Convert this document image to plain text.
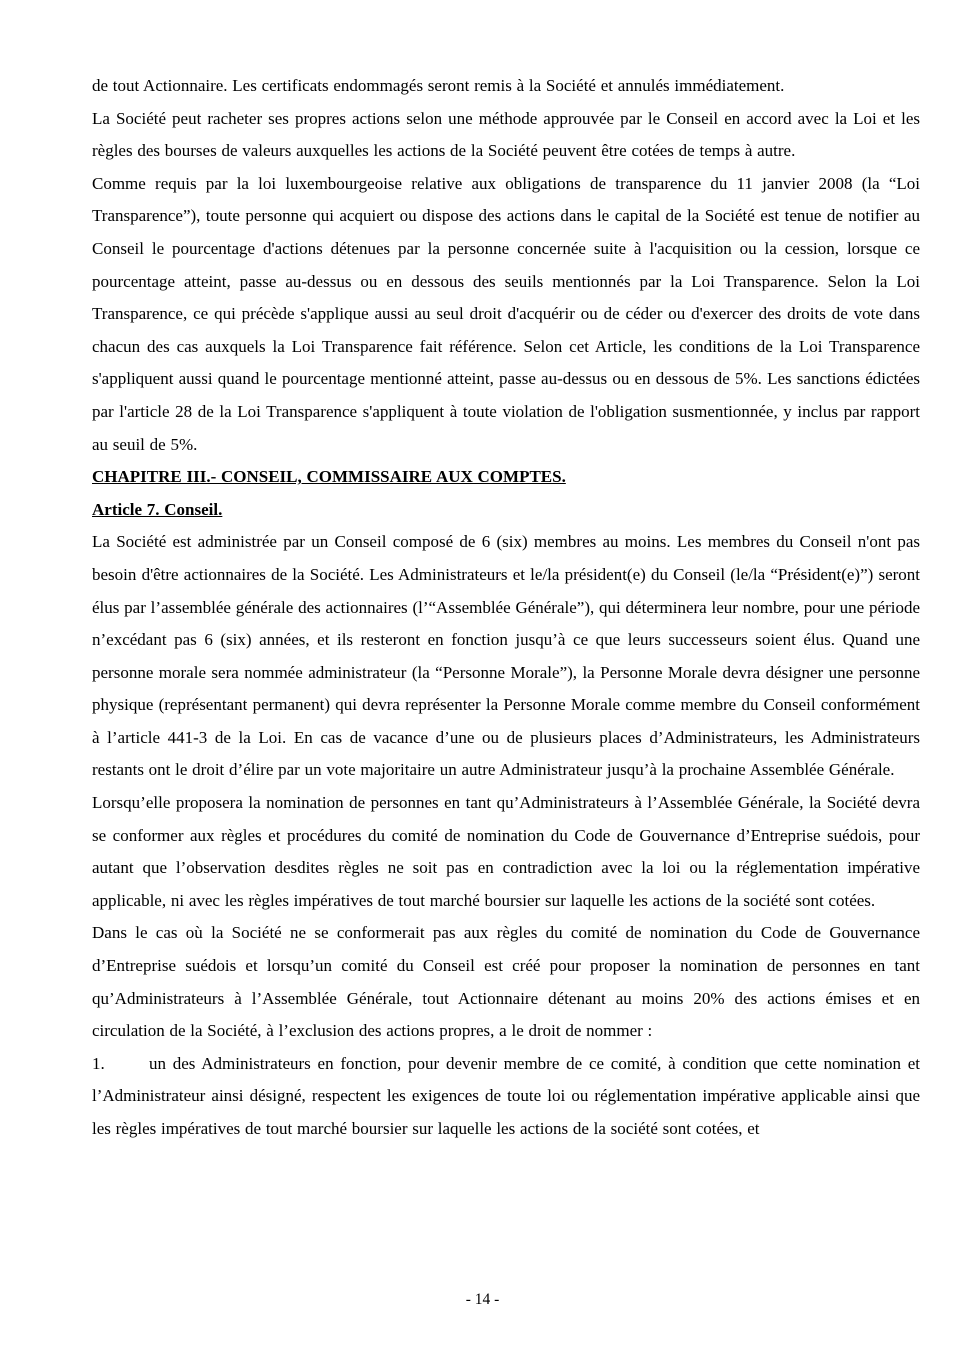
de tout Actionnaire. Les certificats endommagés seront remis à la Société et annulés immédiatement.

La Société peut racheter ses propres actions selon une méthode approuvée par le Conseil en accord avec la Loi et les règles des bourses de valeurs auxquelles les actions de la Société peuvent être cotées de temps à autre.

Comme requis par la loi luxembourgeoise relative aux obligations de transparence du 11 janvier 2008 (la “Loi Transparence”), toute personne qui acquiert ou dispose des actions dans le capital de la Société est tenue de notifier au Conseil le pourcentage d'actions détenues par la personne concernée suite à l'acquisition ou la cession, lorsque ce pourcentage atteint, passe au-dessus ou en dessous des seuils mentionnés par la Loi Transparence. Selon la Loi Transparence, ce qui précède s'applique aussi au seul droit d'acquérir ou de céder ou d'exercer des droits de vote dans chacun des cas auxquels la Loi Transparence fait référence. Selon cet Article, les conditions de la Loi Transparence s'appliquent aussi quand le pourcentage mentionné atteint, passe au-dessus ou en dessous de 5%. Les sanctions édictées par l'article 28 de la Loi Transparence s'appliquent à toute violation de l'obligation susmentionnée, y inclus par rapport au seuil de 5%.

CHAPITRE III.- CONSEIL, COMMISSAIRE AUX COMPTES.

Article 7. Conseil.

La Société est administrée par un Conseil composé de 6 (six) membres au moins. Les membres du Conseil n'ont pas besoin d'être actionnaires de la Société. Les Administrateurs et le/la président(e) du Conseil (le/la “Président(e)”) seront élus par l’assemblée générale des actionnaires (l’“Assemblée Générale”), qui déterminera leur nombre, pour une période n’excédant pas 6 (six) années, et ils resteront en fonction jusqu’à ce que leurs successeurs soient élus. Quand une personne morale sera nommée administrateur (la “Personne Morale”), la Personne Morale devra désigner une personne physique (représentant permanent) qui devra représenter la Personne Morale comme membre du Conseil conformément à l’article 441-3 de la Loi. En cas de vacance d’une ou de plusieurs places d’Administrateurs, les Administrateurs restants ont le droit d’élire par un vote majoritaire un autre Administrateur jusqu’à la prochaine Assemblée Générale.

Lorsqu’elle proposera la nomination de personnes en tant qu’Administrateurs à l’Assemblée Générale, la Société devra se conformer aux règles et procédures du comité de nomination du Code de Gouvernance d’Entreprise suédois, pour autant que l’observation desdites règles ne soit pas en contradiction avec la loi ou la réglementation impérative applicable, ni avec les règles impératives de tout marché boursier sur laquelle les actions de la société sont cotées.

Dans le cas où la Société ne se conformerait pas aux règles du comité de nomination du Code de Gouvernance d’Entreprise suédois et lorsqu’un comité du Conseil est créé pour proposer la nomination de personnes en tant qu’Administrateurs à l’Assemblée Générale, tout Actionnaire détenant au moins 20% des actions émises et en circulation de la Société, à l’exclusion des actions propres, a le droit de nommer :

1.	un des Administrateurs en fonction, pour devenir membre de ce comité, à condition que cette nomination et l’Administrateur ainsi désigné, respectent les exigences de toute loi ou réglementation impérative applicable ainsi que les règles impératives de tout marché boursier sur laquelle les actions de la société sont cotées, et

- 14 -
